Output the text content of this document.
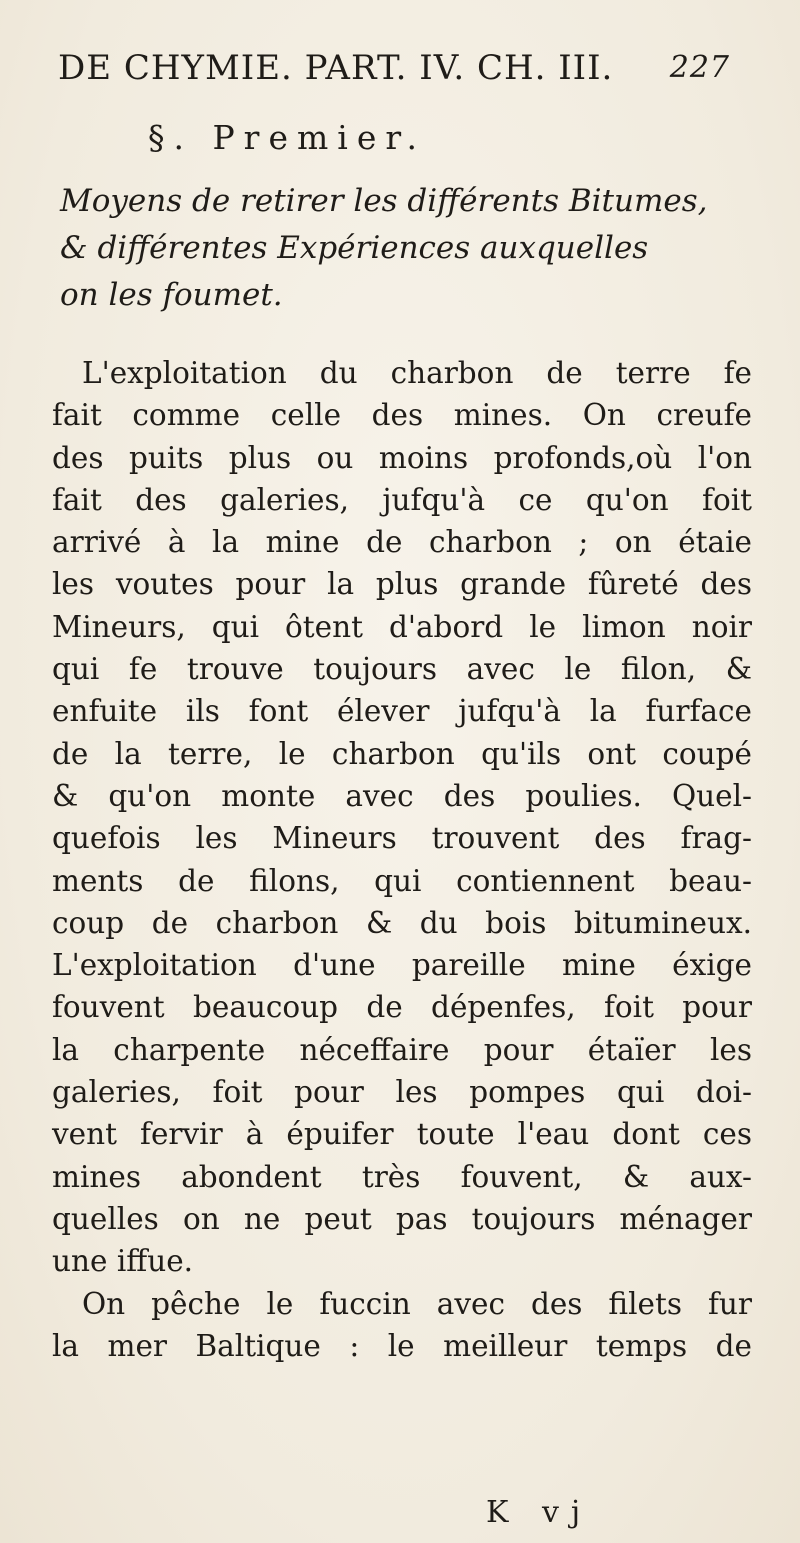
DE CHYMIE. PART. IV. CH. III. 227
§. Premier.
Moyens de retirer les différents Bitumes,
& différentes Expériences auxquelles
on les foumet.
L'exploitation du charbon de terre fe
fait comme celle des mines. On creufe
des puits plus ou moins profonds,où l'on
fait des galeries, jufqu'à ce qu'on foit
arrivé à la mine de charbon ; on étaie
les voutes pour la plus grande fûreté des
Mineurs, qui ôtent d'abord le limon noir
qui fe trouve toujours avec le filon, &
enfuite ils font élever jufqu'à la furface
de la terre, le charbon qu'ils ont coupé
& qu'on monte avec des poulies. Quel-
quefois les Mineurs trouvent des frag-
ments de filons, qui contiennent beau-
coup de charbon & du bois bitumineux.
L'exploitation d'une pareille mine éxige
fouvent beaucoup de dépenfes, foit pour
la charpente néceffaire pour étaïer les
galeries, foit pour les pompes qui doi-
vent fervir à épuifer toute l'eau dont ces
mines abondent très fouvent, & aux-
quelles on ne peut pas toujours ménager
une iffue.
On pêche le fuccin avec des filets fur
la mer Baltique : le meilleur temps de
K vj
